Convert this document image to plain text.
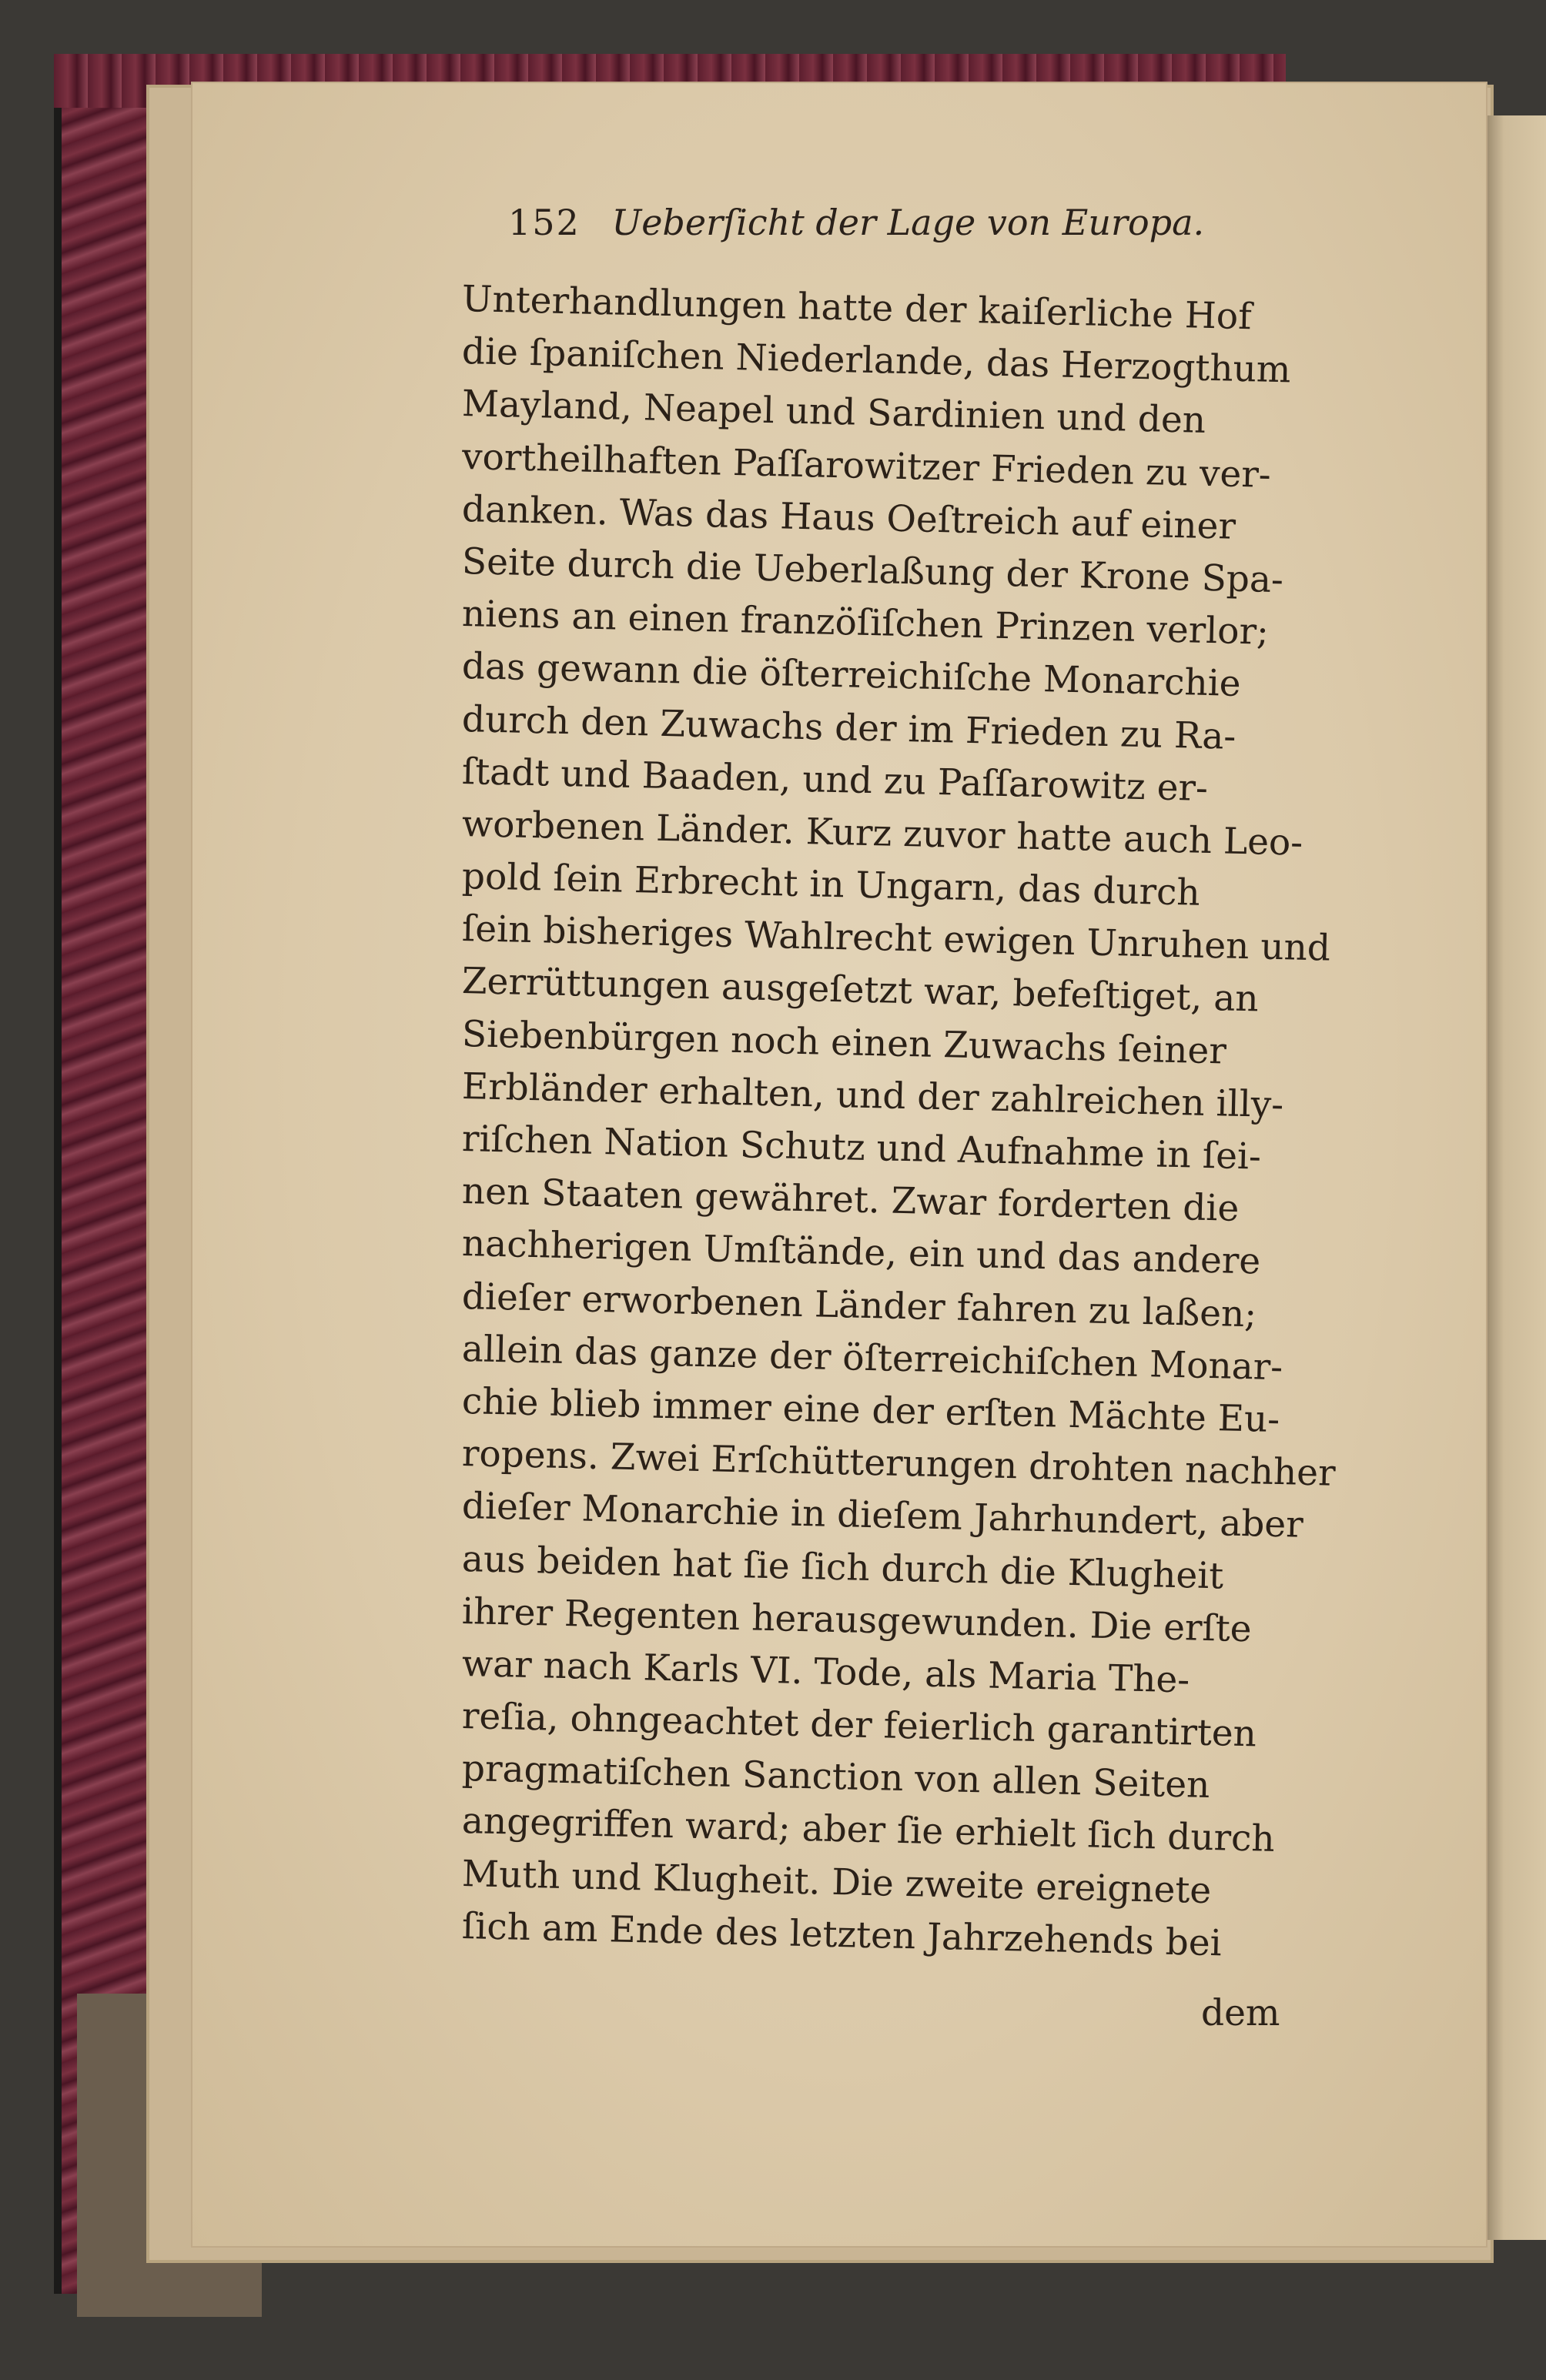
152 Ueberſicht der Lage von Europa.
Unterhandlungen hatte der kaiſerliche Hof
die ſpaniſchen Niederlande, das Herzogthum
Mayland, Neapel und Sardinien und den
vortheilhaften Paſſarowitzer Frieden zu ver-
danken. Was das Haus Oeſtreich auf einer
Seite durch die Ueberlaßung der Krone Spa-
niens an einen franzöſiſchen Prinzen verlor;
das gewann die öſterreichiſche Monarchie
durch den Zuwachs der im Frieden zu Ra-
ſtadt und Baaden, und zu Paſſarowitz er-
worbenen Länder. Kurz zuvor hatte auch Leo-
pold ſein Erbrecht in Ungarn, das durch
ſein bisheriges Wahlrecht ewigen Unruhen und
Zerrüttungen ausgeſetzt war, befeſtiget, an
Siebenbürgen noch einen Zuwachs ſeiner
Erbländer erhalten, und der zahlreichen illy-
riſchen Nation Schutz und Aufnahme in ſei-
nen Staaten gewähret. Zwar forderten die
nachherigen Umſtände, ein und das andere
dieſer erworbenen Länder fahren zu laßen;
allein das ganze der öſterreichiſchen Monar-
chie blieb immer eine der erſten Mächte Eu-
ropens. Zwei Erſchütterungen drohten nachher
dieſer Monarchie in dieſem Jahrhundert, aber
aus beiden hat ſie ſich durch die Klugheit
ihrer Regenten herausgewunden. Die erſte
war nach Karls VI. Tode, als Maria The-
reſia, ohngeachtet der feierlich garantirten
pragmatiſchen Sanction von allen Seiten
angegriffen ward; aber ſie erhielt ſich durch
Muth und Klugheit. Die zweite ereignete
ſich am Ende des letzten Jahrzehends bei
dem
